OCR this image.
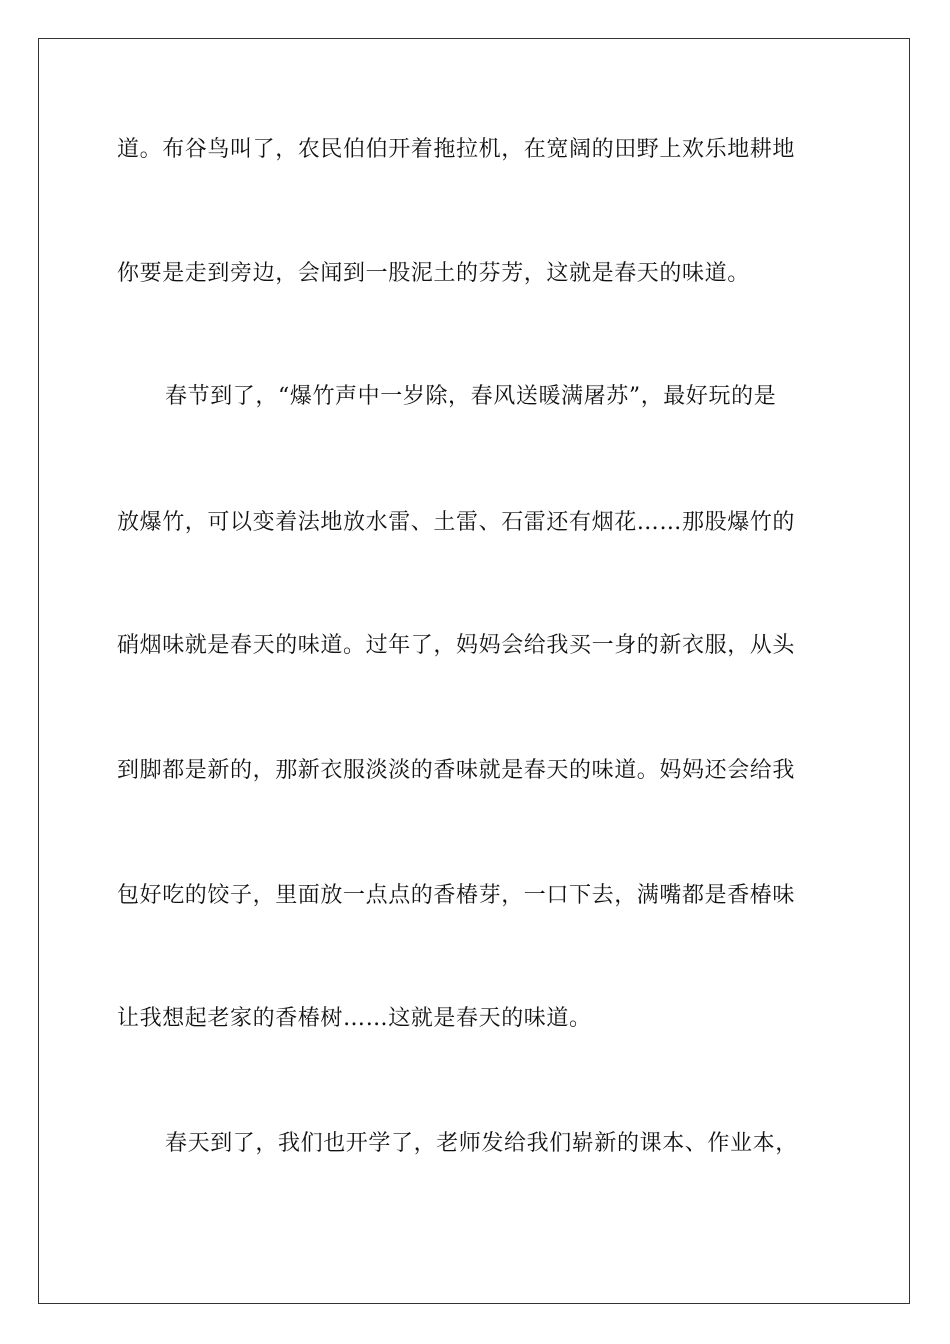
道。布谷鸟叫了，农民伯伯开着拖拉机，在宽阔的田野上欢乐地耕地
你要是走到旁边，会闻到一股泥土的芬芳，这就是春天的味道。
春节到了，“爆竹声中一岁除，春风送暖满屠苏”，最好玩的是
放爆竹，可以变着法地放水雷、土雷、石雷还有烟花……那股爆竹的
硝烟味就是春天的味道。过年了，妈妈会给我买一身的新衣服，从头
到脚都是新的，那新衣服淡淡的香味就是春天的味道。妈妈还会给我
包好吃的饺子，里面放一点点的香椿芽，一口下去，满嘴都是香椿味
让我想起老家的香椿树……这就是春天的味道。
春天到了，我们也开学了，老师发给我们崭新的课本、作业本，
